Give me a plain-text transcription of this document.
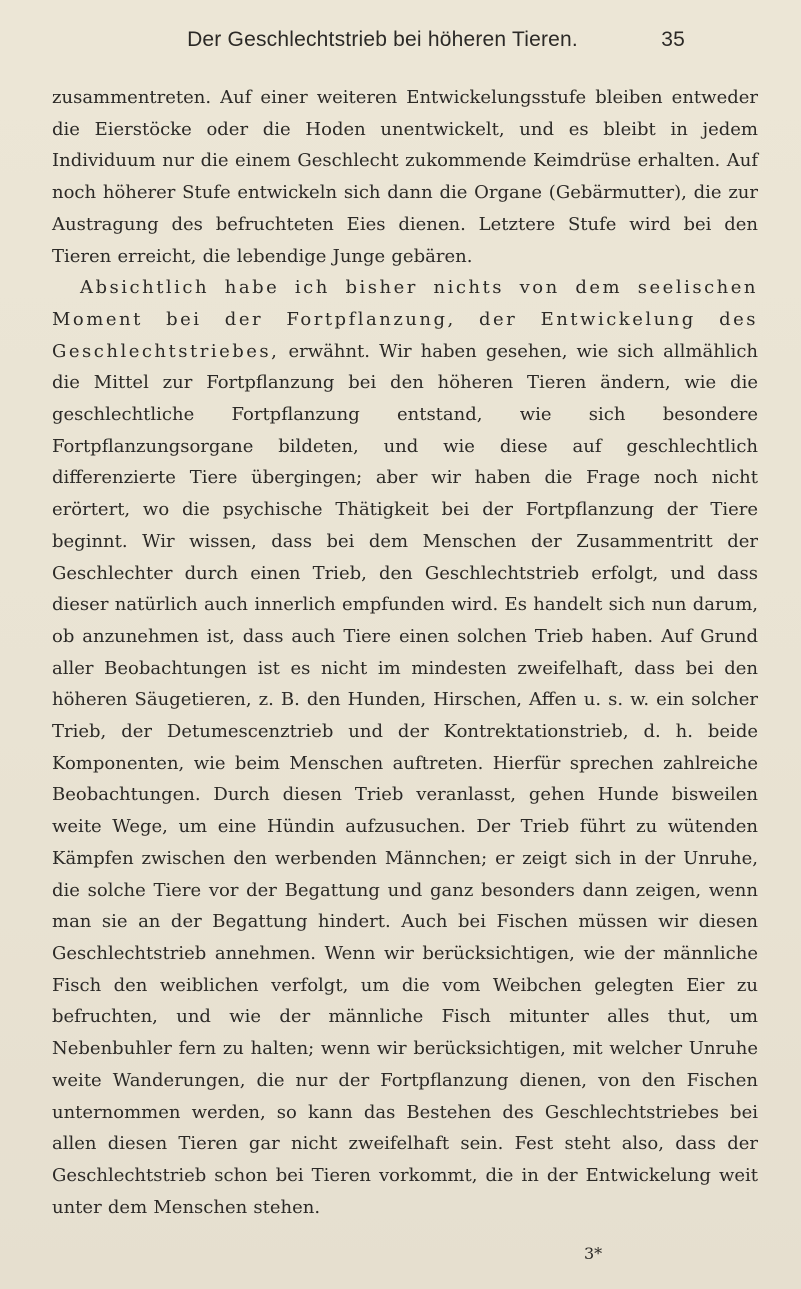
Der Geschlechtstrieb bei höheren Tieren.	35

zusammentreten. Auf einer weiteren Entwickelungsstufe bleiben entweder die Eierstöcke oder die Hoden unentwickelt, und es bleibt in jedem Individuum nur die einem Geschlecht zukommende Keimdrüse erhalten. Auf noch höherer Stufe entwickeln sich dann die Organe (Gebärmutter), die zur Austragung des befruchteten Eies dienen. Letztere Stufe wird bei den Tieren erreicht, die lebendige Junge gebären.

Absichtlich habe ich bisher nichts von dem seelischen Moment bei der Fortpflanzung, der Entwickelung des Geschlechtstriebes, erwähnt. Wir haben gesehen, wie sich allmählich die Mittel zur Fortpflanzung bei den höheren Tieren ändern, wie die geschlechtliche Fortpflanzung entstand, wie sich besondere Fortpflanzungsorgane bildeten, und wie diese auf geschlechtlich differenzierte Tiere übergingen; aber wir haben die Frage noch nicht erörtert, wo die psychische Thätigkeit bei der Fortpflanzung der Tiere beginnt. Wir wissen, dass bei dem Menschen der Zusammentritt der Geschlechter durch einen Trieb, den Geschlechtstrieb erfolgt, und dass dieser natürlich auch innerlich empfunden wird. Es handelt sich nun darum, ob anzunehmen ist, dass auch Tiere einen solchen Trieb haben. Auf Grund aller Beobachtungen ist es nicht im mindesten zweifelhaft, dass bei den höheren Säugetieren, z. B. den Hunden, Hirschen, Affen u. s. w. ein solcher Trieb, der Detumescenztrieb und der Kontrektationstrieb, d. h. beide Komponenten, wie beim Menschen auftreten. Hierfür sprechen zahlreiche Beobachtungen. Durch diesen Trieb veranlasst, gehen Hunde bisweilen weite Wege, um eine Hündin aufzusuchen. Der Trieb führt zu wütenden Kämpfen zwischen den werbenden Männchen; er zeigt sich in der Unruhe, die solche Tiere vor der Begattung und ganz besonders dann zeigen, wenn man sie an der Begattung hindert. Auch bei Fischen müssen wir diesen Geschlechtstrieb annehmen. Wenn wir berücksichtigen, wie der männliche Fisch den weiblichen verfolgt, um die vom Weibchen gelegten Eier zu befruchten, und wie der männliche Fisch mitunter alles thut, um Nebenbuhler fern zu halten; wenn wir berücksichtigen, mit welcher Unruhe weite Wanderungen, die nur der Fortpflanzung dienen, von den Fischen unternommen werden, so kann das Bestehen des Geschlechtstriebes bei allen diesen Tieren gar nicht zweifelhaft sein. Fest steht also, dass der Geschlechtstrieb schon bei Tieren vorkommt, die in der Entwickelung weit unter dem Menschen stehen.

3*
